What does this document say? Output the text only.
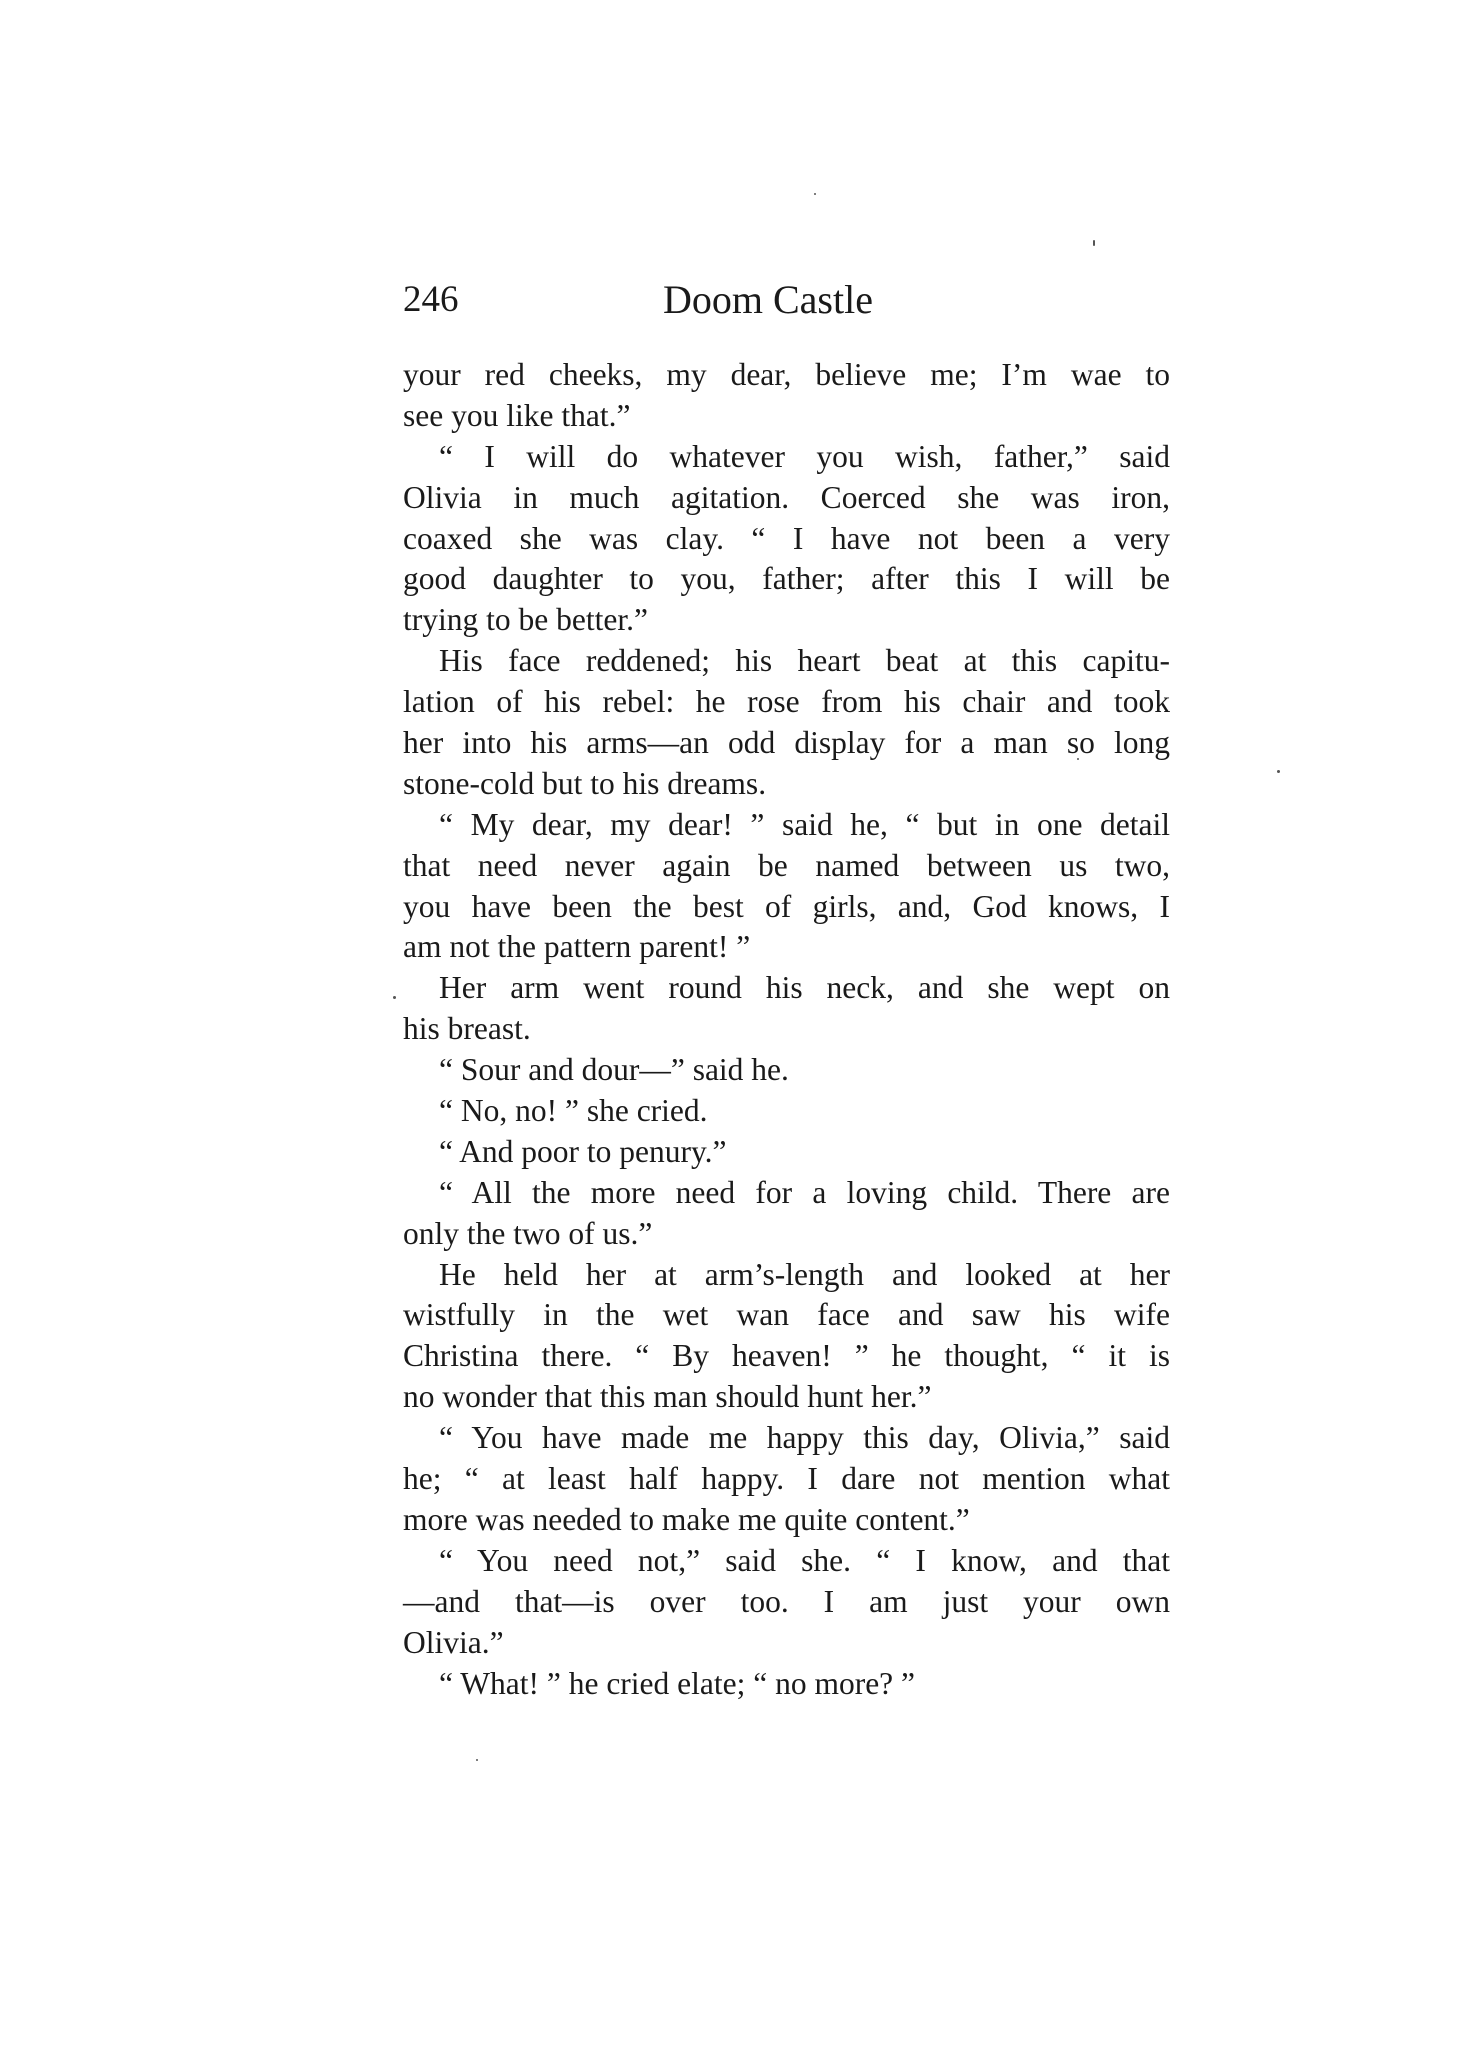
246	Doom Castle
your red cheeks, my dear, believe me; I’m wae to
see you like that.”
“ I will do whatever you wish, father,” said
Olivia in much agitation. Coerced she was iron,
coaxed she was clay. “ I have not been a very
good daughter to you, father; after this I will be
trying to be better.”
His face reddened; his heart beat at this capitu-
lation of his rebel: he rose from his chair and took
her into his arms—an odd display for a man so long
stone-cold but to his dreams.
“ My dear, my dear! ” said he, “ but in one detail
that need never again be named between us two,
you have been the best of girls, and, God knows, I
am not the pattern parent! ”
Her arm went round his neck, and she wept on
his breast.
“ Sour and dour—” said he.
“ No, no! ” she cried.
“ And poor to penury.”
“ All the more need for a loving child. There are
only the two of us.”
He held her at arm’s-length and looked at her
wistfully in the wet wan face and saw his wife
Christina there. “ By heaven! ” he thought, “ it is
no wonder that this man should hunt her.”
“ You have made me happy this day, Olivia,” said
he; “ at least half happy. I dare not mention what
more was needed to make me quite content.”
“ You need not,” said she. “ I know, and that
—and that—is over too. I am just your own
Olivia.”
“ What! ” he cried elate; “ no more? ”
